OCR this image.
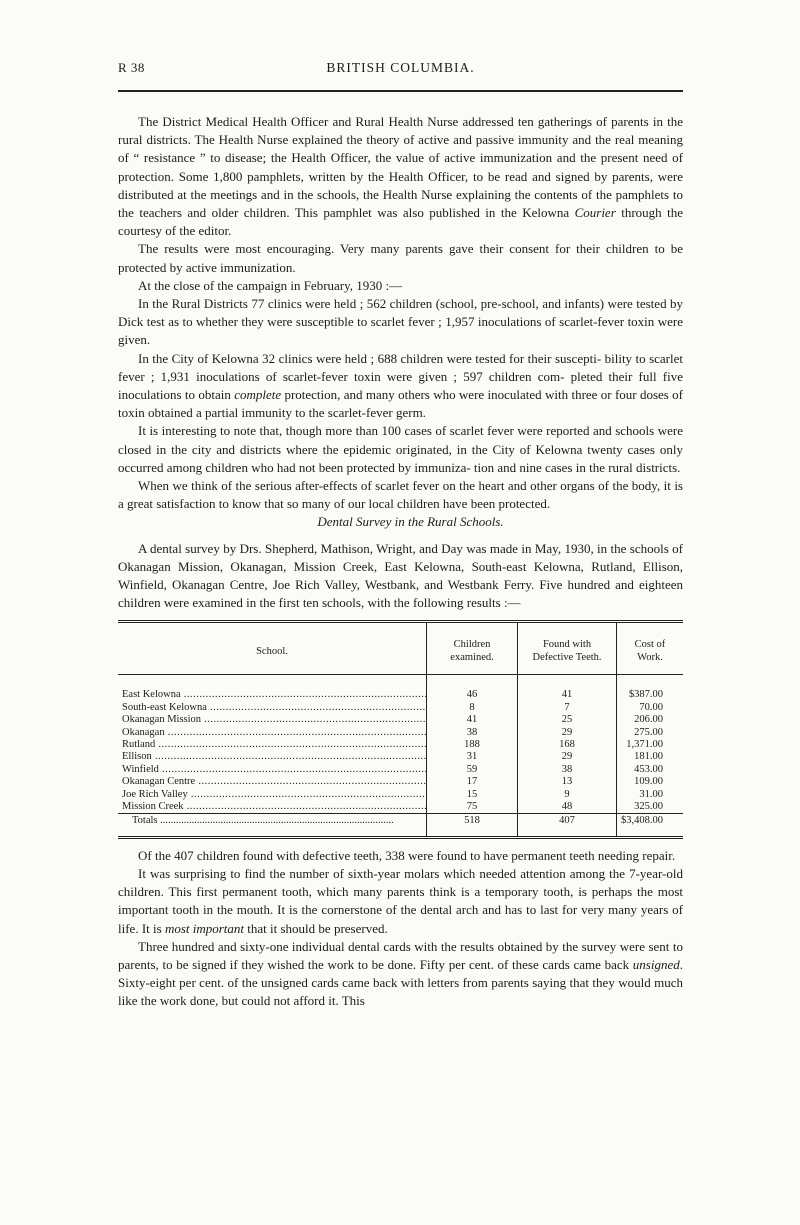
R 38	BRITISH COLUMBIA.

The District Medical Health Officer and Rural Health Nurse addressed ten gatherings of parents in the rural districts. The Health Nurse explained the theory of active and passive immunity and the real meaning of “ resistance ” to disease; the Health Officer, the value of active immunization and the present need of protection. Some 1,800 pamphlets, written by the Health Officer, to be read and signed by parents, were distributed at the meetings and in the schools, the Health Nurse explaining the contents of the pamphlets to the teachers and older children. This pamphlet was also published in the Kelowna Courier through the courtesy of the editor.

The results were most encouraging. Very many parents gave their consent for their children to be protected by active immunization.

At the close of the campaign in February, 1930 :—

In the Rural Districts 77 clinics were held ; 562 children (school, pre-school, and infants) were tested by Dick test as to whether they were susceptible to scarlet fever ; 1,957 inoculations of scarlet-fever toxin were given.

In the City of Kelowna 32 clinics were held ; 688 children were tested for their suscepti- bility to scarlet fever ; 1,931 inoculations of scarlet-fever toxin were given ; 597 children com- pleted their full five inoculations to obtain complete protection, and many others who were inoculated with three or four doses of toxin obtained a partial immunity to the scarlet-fever germ.

It is interesting to note that, though more than 100 cases of scarlet fever were reported and schools were closed in the city and districts where the epidemic originated, in the City of Kelowna twenty cases only occurred among children who had not been protected by immuniza- tion and nine cases in the rural districts.

When we think of the serious after-effects of scarlet fever on the heart and other organs of the body, it is a great satisfaction to know that so many of our local children have been protected.

Dental Survey in the Rural Schools.

A dental survey by Drs. Shepherd, Mathison, Wright, and Day was made in May, 1930, in the schools of Okanagan Mission, Okanagan, Mission Creek, East Kelowna, South-east Kelowna, Rutland, Ellison, Winfield, Okanagan Centre, Joe Rich Valley, Westbank, and Westbank Ferry. Five hundred and eighteen children were examined in the first ten schools, with the following results :—

School.	Children examined.	Found with Defective Teeth.	Cost of Work.
East Kelowna .....	46	41	$387.00
South-east Kelowna .....	8	7	70.00
Okanagan Mission .....	41	25	206.00
Okanagan .....	38	29	275.00
Rutland .....	188	168	1,371.00
Ellison .....	31	29	181.00
Winfield .....	59	38	453.00
Okanagan Centre .....	17	13	109.00
Joe Rich Valley .....	15	9	31.00
Mission Creek .....	75	48	325.00
Totals .....	518	407	$3,408.00

Of the 407 children found with defective teeth, 338 were found to have permanent teeth needing repair.

It was surprising to find the number of sixth-year molars which needed attention among the 7-year-old children. This first permanent tooth, which many parents think is a temporary tooth, is perhaps the most important tooth in the mouth. It is the cornerstone of the dental arch and has to last for very many years of life. It is most important that it should be preserved.

Three hundred and sixty-one individual dental cards with the results obtained by the survey were sent to parents, to be signed if they wished the work to be done. Fifty per cent. of these cards came back unsigned. Sixty-eight per cent. of the unsigned cards came back with letters from parents saying that they would much like the work done, but could not afford it. This
